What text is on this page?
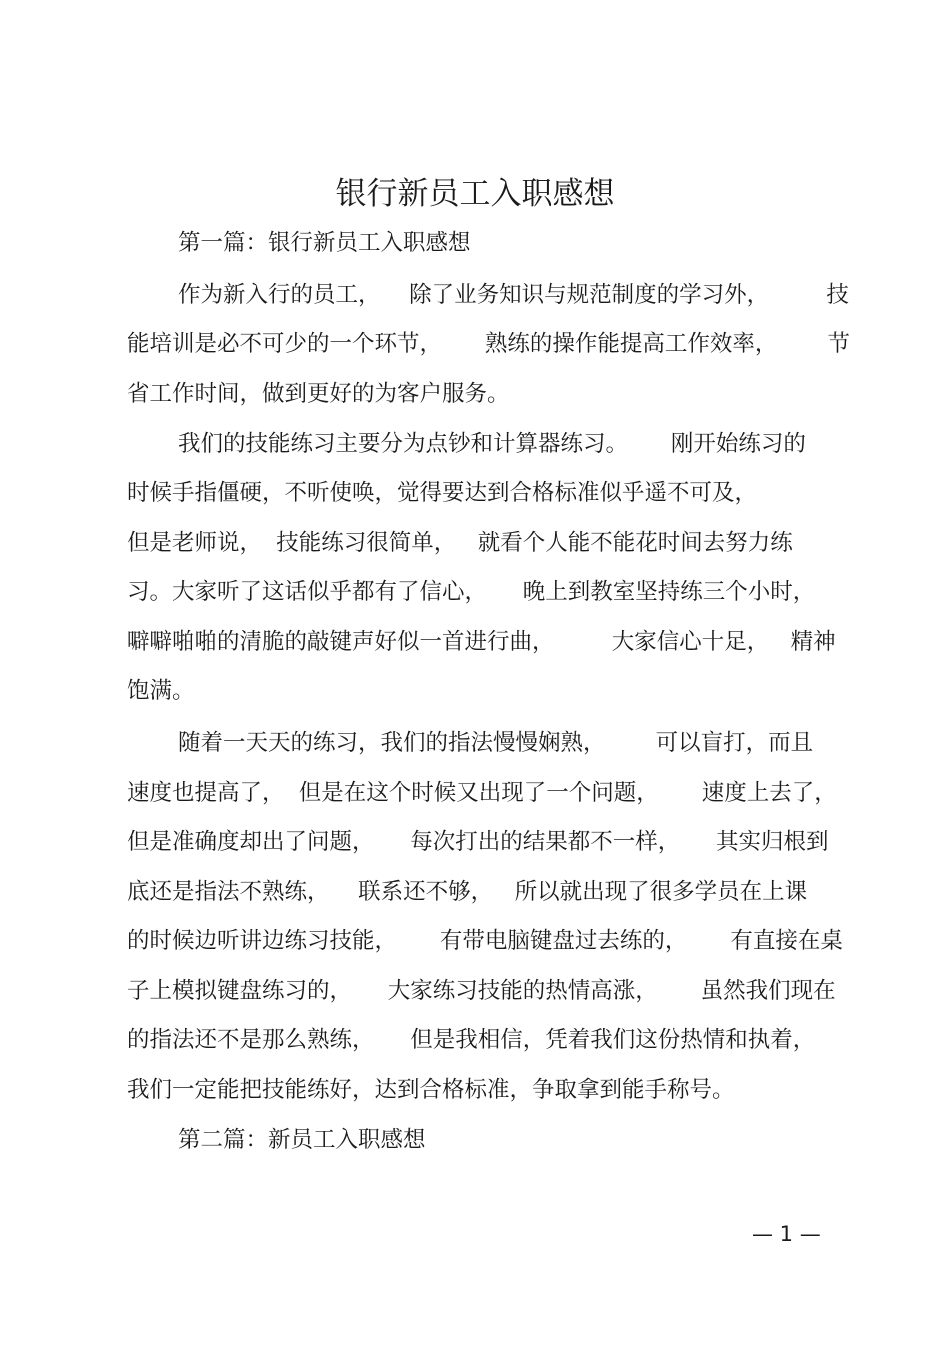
银行新员工入职感想
第一篇：银行新员工入职感想
作为新入行的员工，    除了业务知识与规范制度的学习外，        技
能培训是必不可少的一个环节，      熟练的操作能提高工作效率，       节
省工作时间，做到更好的为客户服务。
我们的技能练习主要分为点钞和计算器练习。      刚开始练习的
时候手指僵硬，不听使唤，觉得要达到合格标准似乎遥不可及，
但是老师说，  技能练习很简单，   就看个人能不能花时间去努力练
习。大家听了这话似乎都有了信心，     晚上到教室坚持练三个小时，
噼噼啪啪的清脆的敲键声好似一首进行曲，        大家信心十足，   精神
饱满。
随着一天天的练习，我们的指法慢慢娴熟，       可以盲打，而且
速度也提高了，  但是在这个时候又出现了一个问题，      速度上去了，
但是准确度却出了问题，     每次打出的结果都不一样，     其实归根到
底还是指法不熟练，    联系还不够，   所以就出现了很多学员在上课
的时候边听讲边练习技能，      有带电脑键盘过去练的，      有直接在桌
子上模拟键盘练习的，     大家练习技能的热情高涨，      虽然我们现在
的指法还不是那么熟练，     但是我相信，凭着我们这份热情和执着，
我们一定能把技能练好，达到合格标准，争取拿到能手称号。
第二篇：新员工入职感想
— 1 —
